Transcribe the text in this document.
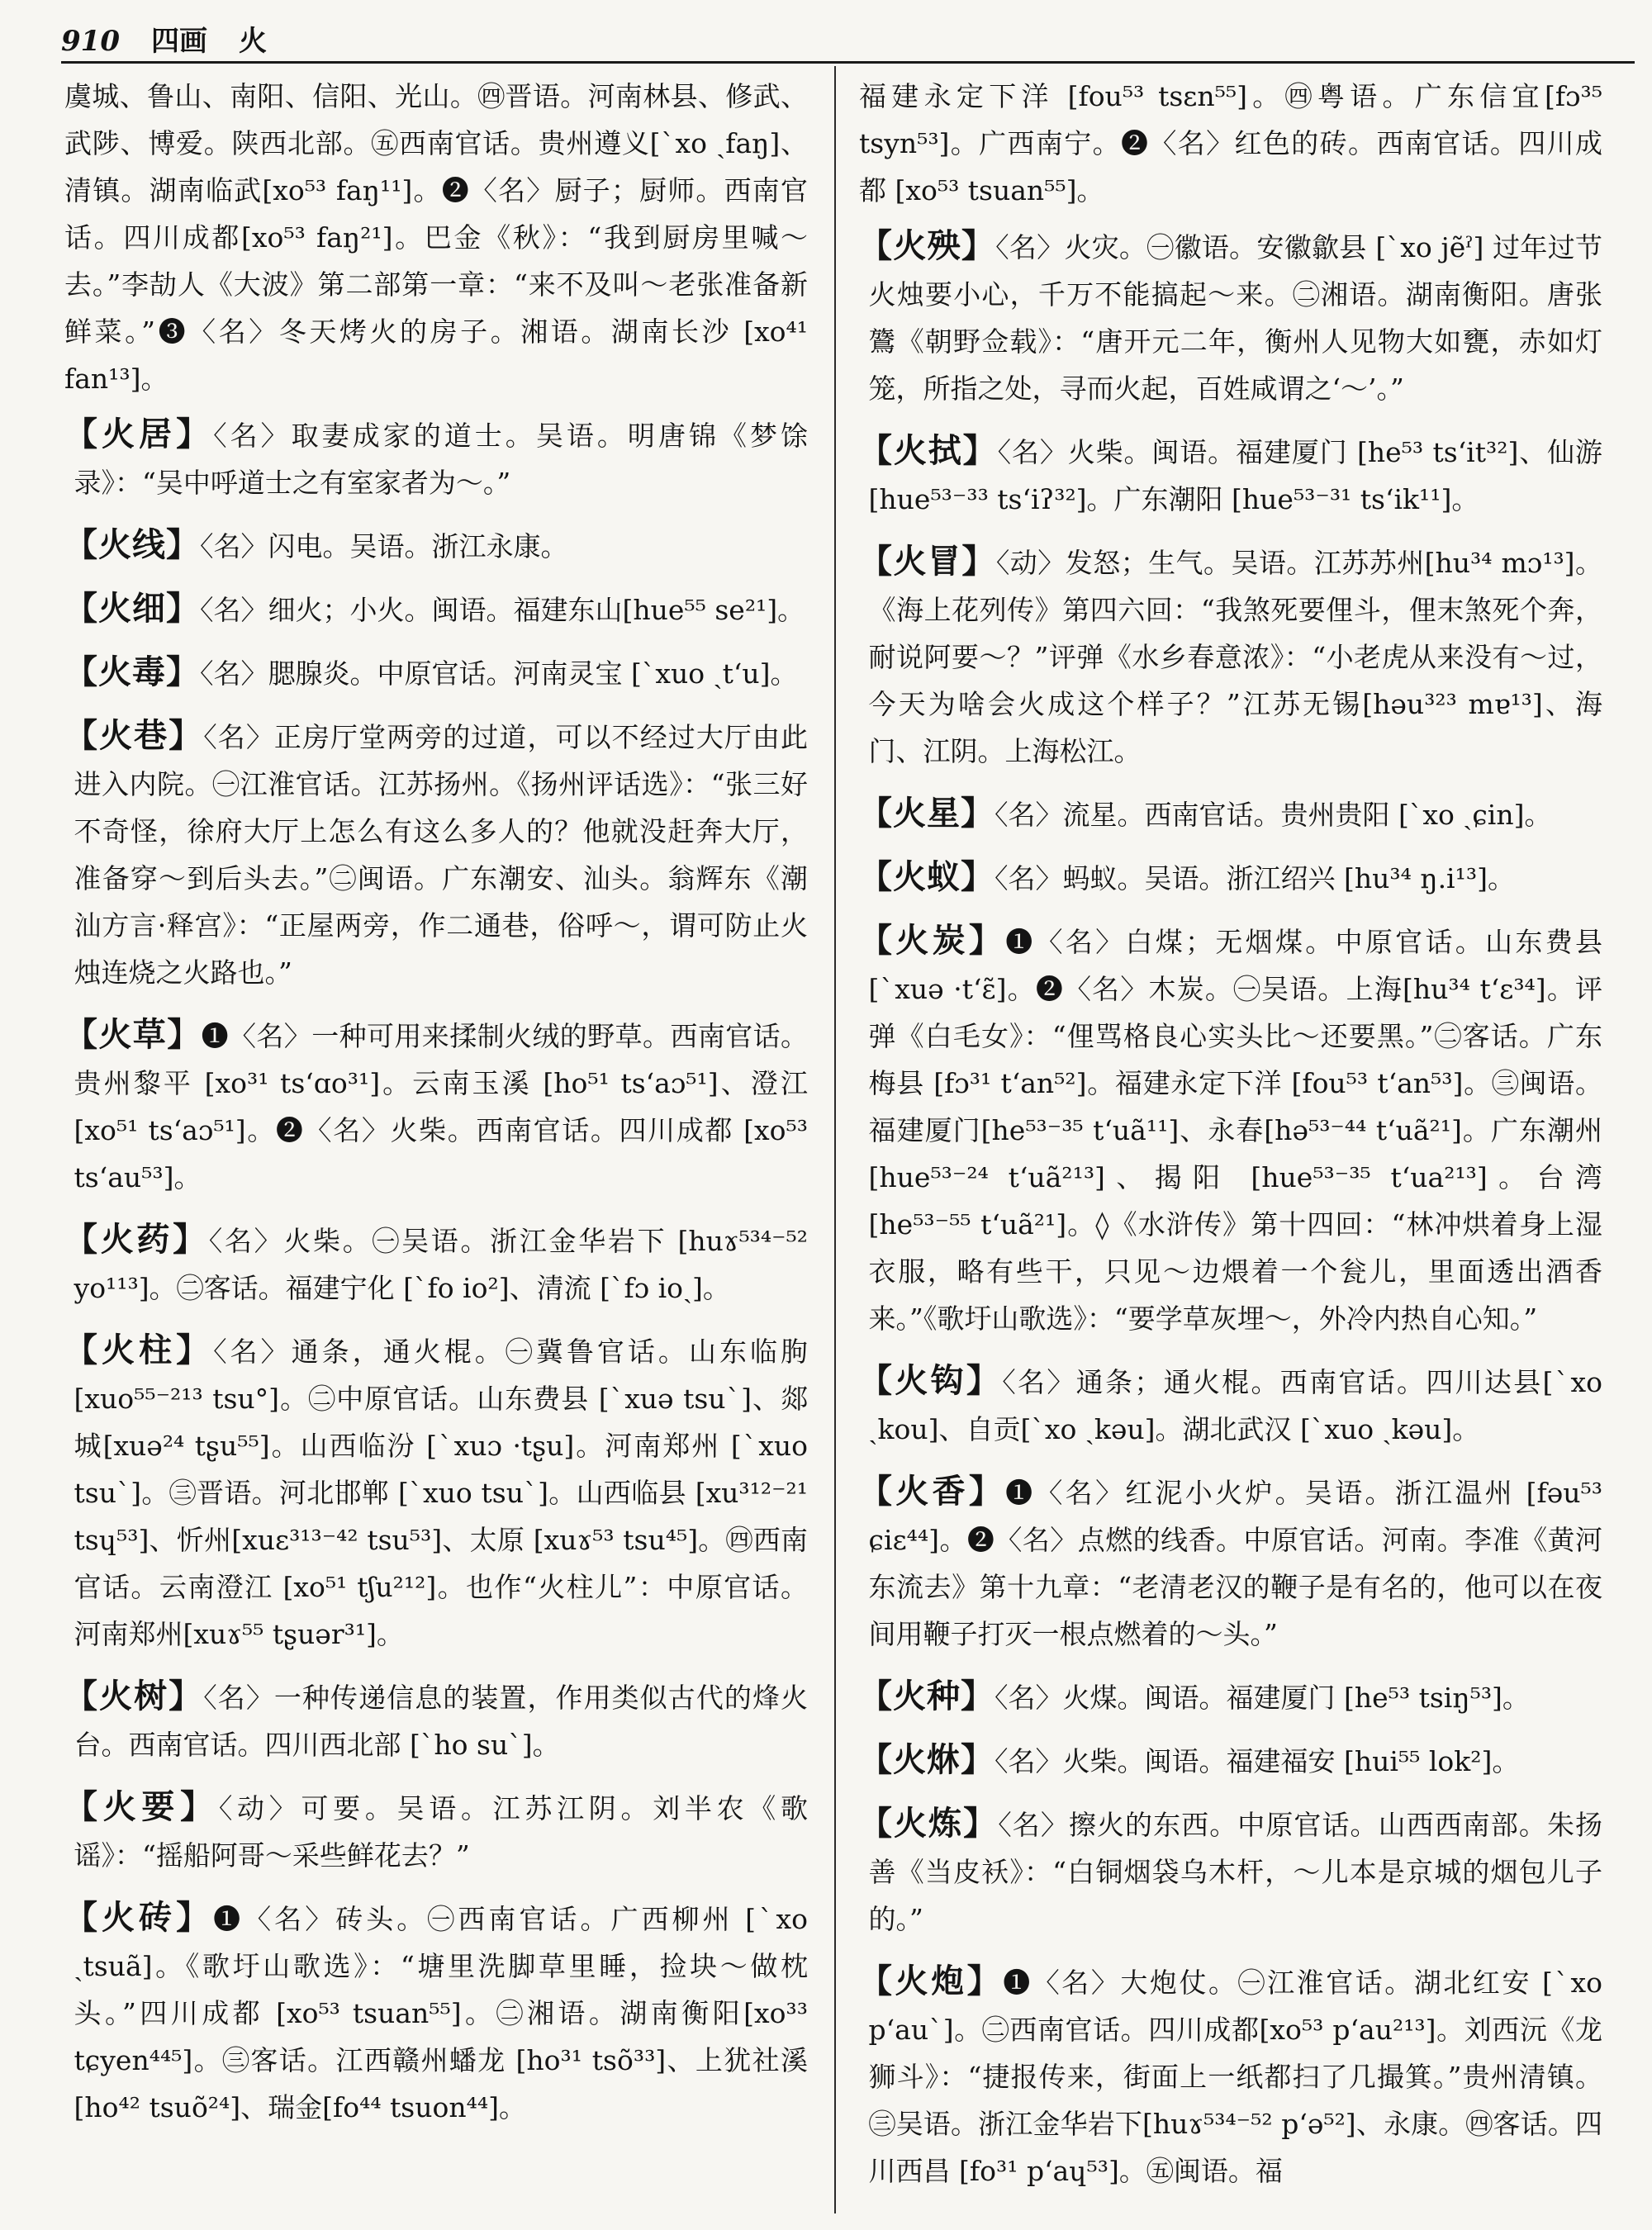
910 四画 火

虞城、鲁山、南阳、信阳、光山。㊃晋语。河南林县、修武、武陟、博爱。陕西北部。㊄西南官话。贵州遵义[ˋxo ˏfaŋ]、清镇。湖南临武[xo⁵³ faŋ¹¹]。❷〈名〉厨子；厨师。西南官话。四川成都[xo⁵³ faŋ²¹]。巴金《秋》：“我到厨房里喊～去。”李劼人《大波》第二部第一章：“来不及叫～老张准备新鲜菜。”❸〈名〉冬天烤火的房子。湘语。湖南长沙 [xo⁴¹ fan¹³]。

【火居】〈名〉取妻成家的道士。吴语。明唐锦《梦馀录》：“吴中呼道士之有室家者为～。”

【火线】〈名〉闪电。吴语。浙江永康。

【火细】〈名〉细火；小火。闽语。福建东山[hue⁵⁵ se²¹]。

【火毒】〈名〉腮腺炎。中原官话。河南灵宝 [ˋxuo ˏtʻu]。

【火巷】〈名〉正房厅堂两旁的过道，可以不经过大厅由此进入内院。㊀江淮官话。江苏扬州。《扬州评话选》：“张三好不奇怪，徐府大厅上怎么有这么多人的？他就没赶奔大厅，准备穿～到后头去。”㊁闽语。广东潮安、汕头。翁辉东《潮汕方言·释宫》：“正屋两旁，作二通巷，俗呼～，谓可防止火烛连烧之火路也。”

【火草】❶〈名〉一种可用来揉制火绒的野草。西南官话。贵州黎平 [xo³¹ tsʻɑo³¹]。云南玉溪 [ho⁵¹ tsʻaɔ⁵¹]、澄江[xo⁵¹ tsʻaɔ⁵¹]。❷〈名〉火柴。西南官话。四川成都 [xo⁵³ tsʻau⁵³]。

【火药】〈名〉火柴。㊀吴语。浙江金华岩下 [huɤ⁵³⁴⁻⁵² yo¹¹³]。㊁客话。福建宁化 [ˋfo io²]、清流 [ˋfɔ ioˎ]。

【火柱】〈名〉通条，通火棍。㊀冀鲁官话。山东临朐[xuo⁵⁵⁻²¹³ tsu°]。㊁中原官话。山东费县 [ˋxuə tsuˋ]、郯城[xuə²⁴ tʂu⁵⁵]。山西临汾 [ˋxuɔ ·tʂu]。河南郑州 [ˋxuo tsuˋ]。㊂晋语。河北邯郸 [ˋxuo tsuˋ]。山西临县 [xu³¹²⁻²¹ tsɥ⁵³]、忻州[xuɛ³¹³⁻⁴² tsu⁵³]、太原 [xuɤ⁵³ tsu⁴⁵]。㊃西南官话。云南澄江 [xo⁵¹ tʃu²¹²]。也作“火柱儿”：中原官话。河南郑州[xuɤ⁵⁵ tʂuər³¹]。

【火树】〈名〉一种传递信息的装置，作用类似古代的烽火台。西南官话。四川西北部 [ˋho suˋ]。

【火要】〈动〉可要。吴语。江苏江阴。刘半农《歌谣》：“摇船阿哥～采些鲜花去？”

【火砖】❶〈名〉砖头。㊀西南官话。广西柳州 [ˋxo ˏtsuã]。《歌圩山歌选》：“塘里洗脚草里睡，捡块～做枕头。”四川成都 [xo⁵³ tsuan⁵⁵]。㊁湘语。湖南衡阳[xo³³ tɕyen⁴⁴⁵]。㊂客话。江西赣州蟠龙 [ho³¹ tsõ³³]、上犹社溪[ho⁴² tsuõ²⁴]、瑞金[fo⁴⁴ tsuon⁴⁴]。

福建永定下洋 [fou⁵³ tsɛn⁵⁵]。㊃粤语。广东信宜[fɔ³⁵ tsyn⁵³]。广西南宁。❷〈名〉红色的砖。西南官话。四川成都 [xo⁵³ tsuan⁵⁵]。

【火殃】〈名〉火灾。㊀徽语。安徽歙县 [ˋxo jẽˀ] 过年过节火烛要小心，千万不能搞起～来。㊁湘语。湖南衡阳。唐张鷟《朝野佥载》：“唐开元二年，衡州人见物大如甕，赤如灯笼，所指之处，寻而火起，百姓咸谓之‘～’。”

【火拭】〈名〉火柴。闽语。福建厦门 [he⁵³ tsʻit³²]、仙游[hue⁵³⁻³³ tsʻiʔ³²]。广东潮阳 [hue⁵³⁻³¹ tsʻik¹¹]。

【火冒】〈动〉发怒；生气。吴语。江苏苏州[hu³⁴ mɔ¹³]。《海上花列传》第四六回：“我煞死要俚斗，俚末煞死个奔，耐说阿要～？”评弹《水乡春意浓》：“小老虎从来没有～过，今天为啥会火成这个样子？”江苏无锡[həu³²³ mɐ¹³]、海门、江阴。上海松江。

【火星】〈名〉流星。西南官话。贵州贵阳 [ˋxo ˏɕin]。

【火蚁】〈名〉蚂蚁。吴语。浙江绍兴 [hu³⁴ ŋ.i¹³]。

【火炭】❶〈名〉白煤；无烟煤。中原官话。山东费县 [ˋxuə ·tʻɛ̃]。❷〈名〉木炭。㊀吴语。上海[hu³⁴ tʻɛ³⁴]。评弹《白毛女》：“俚骂格良心实头比～还要黑。”㊁客话。广东梅县 [fɔ³¹ tʻan⁵²]。福建永定下洋 [fou⁵³ tʻan⁵³]。㊂闽语。福建厦门[he⁵³⁻³⁵ tʻuã¹¹]、永春[hə⁵³⁻⁴⁴ tʻuã²¹]。广东潮州[hue⁵³⁻²⁴ tʻuã²¹³]、揭阳 [hue⁵³⁻³⁵ tʻua²¹³]。台湾 [he⁵³⁻⁵⁵ tʻuã²¹]。◊《水浒传》第十四回：“林冲烘着身上湿衣服，略有些干，只见～边煨着一个瓮儿，里面透出酒香来。”《歌圩山歌选》：“要学草灰埋～，外冷内热自心知。”

【火钩】〈名〉通条；通火棍。西南官话。四川达县[ˋxo ˏkou]、自贡[ˋxo ˏkəu]。湖北武汉 [ˋxuo ˏkəu]。

【火香】❶〈名〉红泥小火炉。吴语。浙江温州 [fəu⁵³ ɕiɛ⁴⁴]。❷〈名〉点燃的线香。中原官话。河南。李准《黄河东流去》第十九章：“老清老汉的鞭子是有名的，他可以在夜间用鞭子打灭一根点燃着的～头。”

【火种】〈名〉火煤。闽语。福建厦门 [he⁵³ tsiŋ⁵³]。

【火烌】〈名〉火柴。闽语。福建福安 [hui⁵⁵ lok²]。

【火炼】〈名〉擦火的东西。中原官话。山西西南部。朱扬善《当皮袄》：“白铜烟袋乌木杆，～儿本是京城的烟包儿子的。”

【火炮】❶〈名〉大炮仗。㊀江淮官话。湖北红安 [ˋxo pʻauˋ]。㊁西南官话。四川成都[xo⁵³ pʻau²¹³]。刘西沅《龙狮斗》：“捷报传来，街面上一纸都扫了几撮箕。”贵州清镇。㊂吴语。浙江金华岩下[huɤ⁵³⁴⁻⁵² pʻə⁵²]、永康。㊃客话。四川西昌 [fo³¹ pʻaɥ⁵³]。㊄闽语。福
